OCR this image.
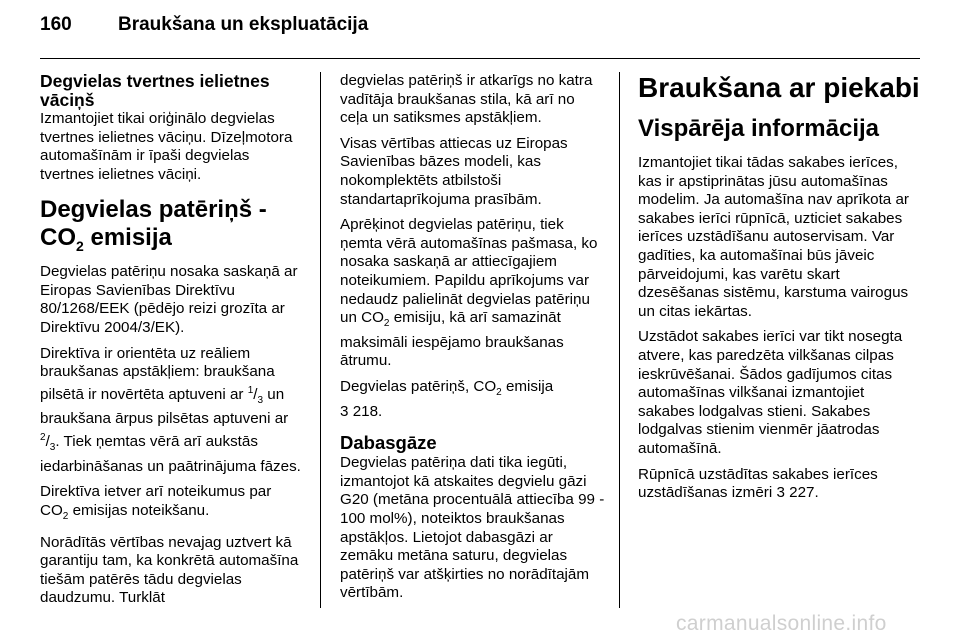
160	Braukšana un ekspluatācija
Degvielas tvertnes ielietnes vāciņš

Izmantojiet tikai oriģinālo degvielas tvertnes ielietnes vāciņu. Dīzeļmotora automašīnām ir īpaši degvielas tvertnes ielietnes vāciņi.

Degvielas patēriņš - $CO_2$ emisija

Degvielas patēriņu nosaka saskaņā ar Eiropas Savienības Direktīvu 80/1268/EEK (pēdējo reizi grozīta ar Direktīvu 2004/3/EK).

Direktīva ir orientēta uz reāliem braukšanas apstākļiem: braukšana pilsētā ir novērtēta aptuveni ar $^1/_3$ un braukšana ārpus pilsētas aptuveni ar $^2/_3$. Tiek ņemtas vērā arī aukstās iedarbināšanas un paātrinājuma fāzes.

Direktīva ietver arī noteikumus par $CO_2$ emisijas noteikšanu.

Norādītās vērtības nevajag uztvert kā garantiju tam, ka konkrētā automašīna tiešām patērēs tādu degvielas daudzumu. Turklāt

degvielas patēriņš ir atkarīgs no katra vadītāja braukšanas stila, kā arī no ceļa un satiksmes apstākļiem.

Visas vērtības attiecas uz Eiropas Savienības bāzes modeli, kas nokomplektēts atbilstoši standartaprīkojuma prasībām.

Aprēķinot degvielas patēriņu, tiek ņemta vērā automašīnas pašmasa, ko nosaka saskaņā ar attiecīgajiem noteikumiem. Papildu aprīkojums var nedaudz palielināt degvielas patēriņu un $CO_2$ emisiju, kā arī samazināt maksimāli iespējamo braukšanas ātrumu.

Degvielas patēriņš, $CO_2$ emisija
3 218.

Dabasgāze

Degvielas patēriņa dati tika iegūti, izmantojot kā atskaites degvielu gāzi G20 (metāna procentuālā attiecība 99 - 100 mol%), noteiktos braukšanas apstākļos. Lietojot dabasgāzi ar zemāku metāna saturu, degvielas patēriņš var atšķirties no norādītajām vērtībām.

Braukšana ar piekabi
Vispārēja informācija

Izmantojiet tikai tādas sakabes ierīces, kas ir apstiprinātas jūsu automašīnas modelim. Ja automašīna nav aprīkota ar sakabes ierīci rūpnīcā, uzticiet sakabes ierīces uzstādīšanu autoservisam. Var gadīties, ka automašīnai būs jāveic pārveidojumi, kas varētu skart dzesēšanas sistēmu, karstuma vairogus un citas iekārtas.

Uzstādot sakabes ierīci var tikt nosegta atvere, kas paredzēta vilkšanas cilpas ieskrūvēšanai. Šādos gadījumos citas automašīnas vilkšanai izmantojiet sakabes lodgalvas stieni. Sakabes lodgalvas stienim vienmēr jāatrodas automašīnā.

Rūpnīcā uzstādītas sakabes ierīces uzstādīšanas izmēri 3 227.

carmanualsonline.info
